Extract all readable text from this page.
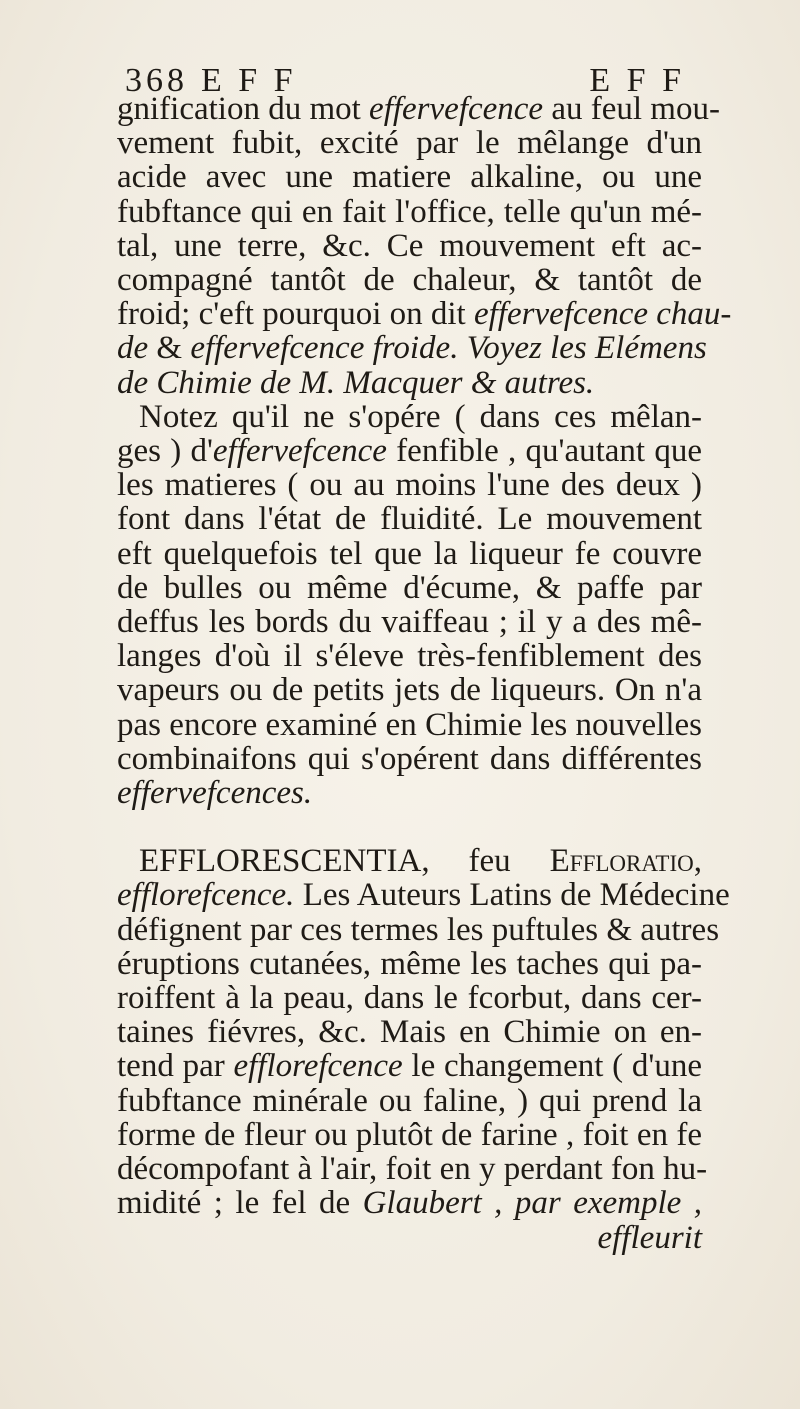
368 E F F	E F F
gnification du mot effervefcence au feul mou-
vement fubit, excité par le mêlange d'un
acide avec une matiere alkaline, ou une
fubftance qui en fait l'office, telle qu'un mé-
tal, une terre, &c. Ce mouvement eft ac-
compagné tantôt de chaleur, & tantôt de
froid; c'eft pourquoi on dit effervefcence chau-
de & effervefcence froide. Voyez les Elémens
de Chimie de M. Macquer & autres.
Notez qu'il ne s'opére ( dans ces mêlan-
ges ) d'effervefcence fenfible , qu'autant que
les matieres ( ou au moins l'une des deux )
font dans l'état de fluidité. Le mouvement
eft quelquefois tel que la liqueur fe couvre
de bulles ou même d'écume, & paffe par
deffus les bords du vaiffeau ; il y a des mê-
langes d'où il s'éleve très-fenfiblement des
vapeurs ou de petits jets de liqueurs. On n'a
pas encore examiné en Chimie les nouvelles
combinaifons qui s'opérent dans différentes
effervefcences.
EFFLORESCENTIA, feu Effloratio,
efflorefcence. Les Auteurs Latins de Médecine
défignent par ces termes les puftules & autres
éruptions cutanées, même les taches qui pa-
roiffent à la peau, dans le fcorbut, dans cer-
taines fiévres, &c. Mais en Chimie on en-
tend par efflorefcence le changement ( d'une
fubftance minérale ou faline, ) qui prend la
forme de fleur ou plutôt de farine , foit en fe
décompofant à l'air, foit en y perdant fon hu-
midité ; le fel de Glaubert , par exemple ,
effleurit
